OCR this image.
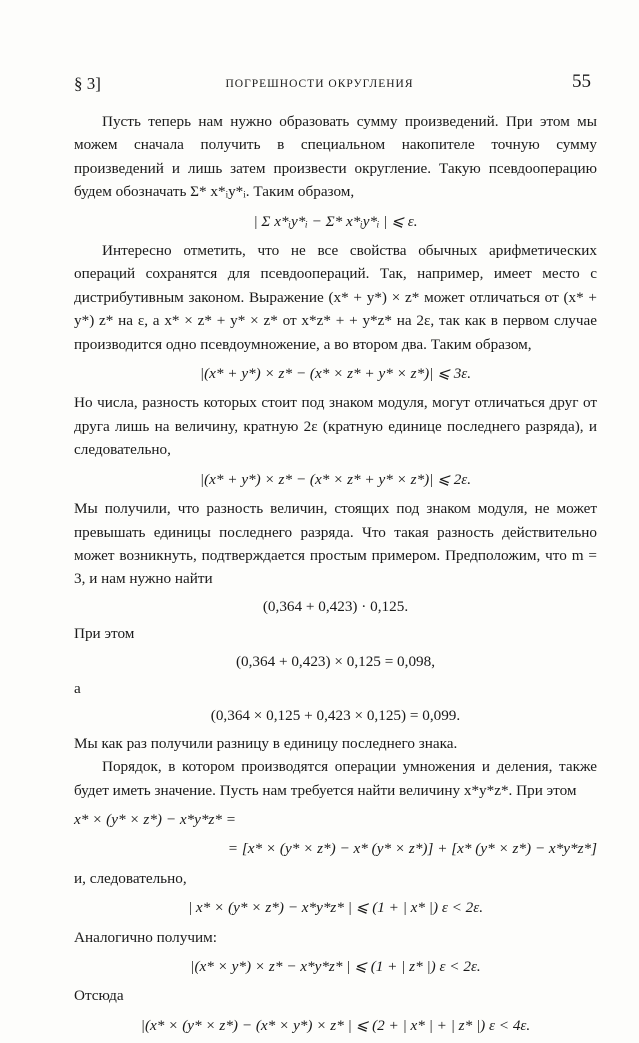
§ 3]	ПОГРЕШНОСТИ ОКРУГЛЕНИЯ	55

Пусть теперь нам нужно образовать сумму произведений. При этом мы можем сначала получить в специальном накопителе точную сумму произведений и лишь затем произвести округление. Такую псевдооперацию будем обозначать Σ* x*ᵢy*ᵢ. Таким образом,

| Σ x*ᵢy*ᵢ − Σ* x*ᵢy*ᵢ | ⩽ ε.

Интересно отметить, что не все свойства обычных арифметических операций сохранятся для псевдоопераций. Так, например, имеет место с дистрибутивным законом. Выражение (x* + y*) × z* может отличаться от (x* + y*) z* на ε, а x* × z* + y* × z* от x*z* + + y*z* на 2ε, так как в первом случае производится одно псевдоумножение, а во втором два. Таким образом,

|(x* + y*) × z* − (x* × z* + y* × z*)| ⩽ 3ε.

Но числа, разность которых стоит под знаком модуля, могут отличаться друг от друга лишь на величину, кратную 2ε (кратную единице последнего разряда), и следовательно,

|(x* + y*) × z* − (x* × z* + y* × z*)| ⩽ 2ε.

Мы получили, что разность величин, стоящих под знаком модуля, не может превышать единицы последнего разряда. Что такая разность действительно может возникнуть, подтверждается простым примером. Предположим, что m = 3, и нам нужно найти

(0,364 + 0,423) · 0,125.
При этом
(0,364 + 0,423) × 0,125 = 0,098,
а
(0,364 × 0,125 + 0,423 × 0,125) = 0,099.

Мы как раз получили разницу в единицу последнего знака.

Порядок, в котором производятся операции умножения и деления, также будет иметь значение. Пусть нам требуется найти величину x*y*z*. При этом

x* × (y* × z*) − x*y*z* =
= [x* × (y* × z*) − x* (y* × z*)] + [x* (y* × z*) − x*y*z*]
и, следовательно,
| x* × (y* × z*) − x*y*z* | ⩽ (1 + | x* |) ε < 2ε.
Аналогично получим:
|(x* × y*) × z* − x*y*z* | ⩽ (1 + | z* |) ε < 2ε.
Отсюда
|(x* × (y* × z*) − (x* × y*) × z* | ⩽ (2 + | x* | + | z* |) ε < 4ε.
